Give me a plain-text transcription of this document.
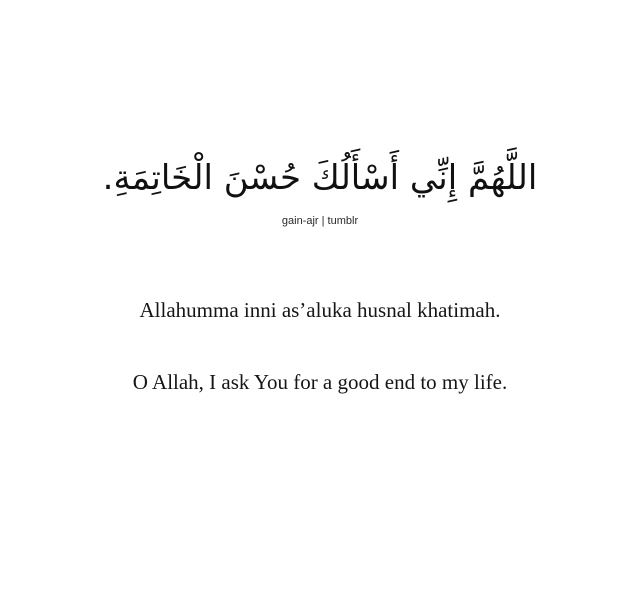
اللَّهُمَّ إِنِّي أَسْأَلُكَ حُسْنَ الْخَاتِمَةِ.
gain-ajr | tumblr
Allahumma inni as’aluka husnal khatimah.
O Allah, I ask You for a good end to my life.
